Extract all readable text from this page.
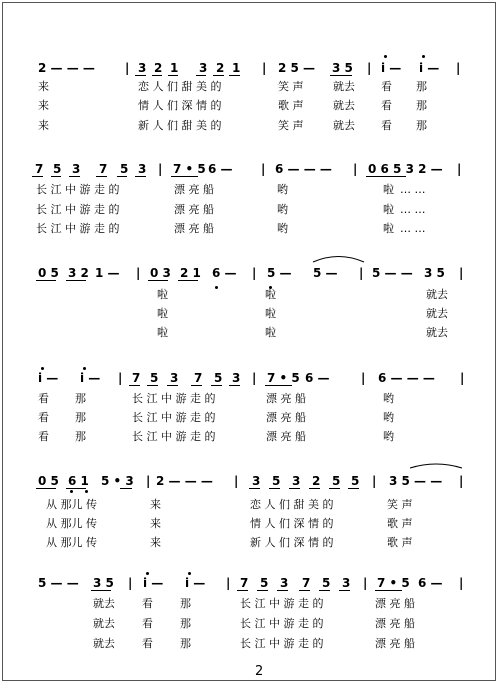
2 — — —	| 3 2 1 3 2 1 | 2 5 — 3 5 | i — i — |
来	恋 人 们 甜 美 的	笑 声	就去 看 那
来	情 人 们 深 情 的	歌 声	就去 看 那
来	新 人 们 甜 美 的	笑 声	就去 看 那
7 5 3 7 5 3 | 7 • 5 6 — | 6 — — — | 0 6 5 3 2 — |
长 江 中 游 走 的	漂 亮 船	哟	啦 … …
长 江 中 游 走 的	漂 亮 船	哟	啦 … …
长 江 中 游 走 的	漂 亮 船	哟	啦 … …
0 5 3 2 1 — | 0 3 2 1 6 — | 5 — 5 — | 5 — — 3 5 |
啦	啦	就去
啦	啦	就去
啦	啦	就去
i — i — | 7 5 3 7 5 3 | 7 • 5 6 —	| 6 — — — |
看 那	长 江 中 游 走 的	漂 亮 船	哟
看 那	长 江 中 游 走 的	漂 亮 船	哟
看 那	长 江 中 游 走 的	漂 亮 船	哟
0 5 6 1 5 • 3 | 2 — — — | 3 5 3 2 5 5 | 3 5 — — |
从 那儿 传	来	恋 人 们 甜 美 的	笑 声
从 那儿 传	来	情 人 们 深 情 的	歌 声
从 那儿 传	来	新 人 们 深 情 的	歌 声
5 — — 3 5 | i — i — | 7 5 3 7 5 3 | 7 • 5 6 — |
就去 看 那	长 江 中 游 走 的	漂 亮 船
就去 看 那	长 江 中 游 走 的	漂 亮 船
就去 看 那	长 江 中 游 走 的	漂 亮 船
2
